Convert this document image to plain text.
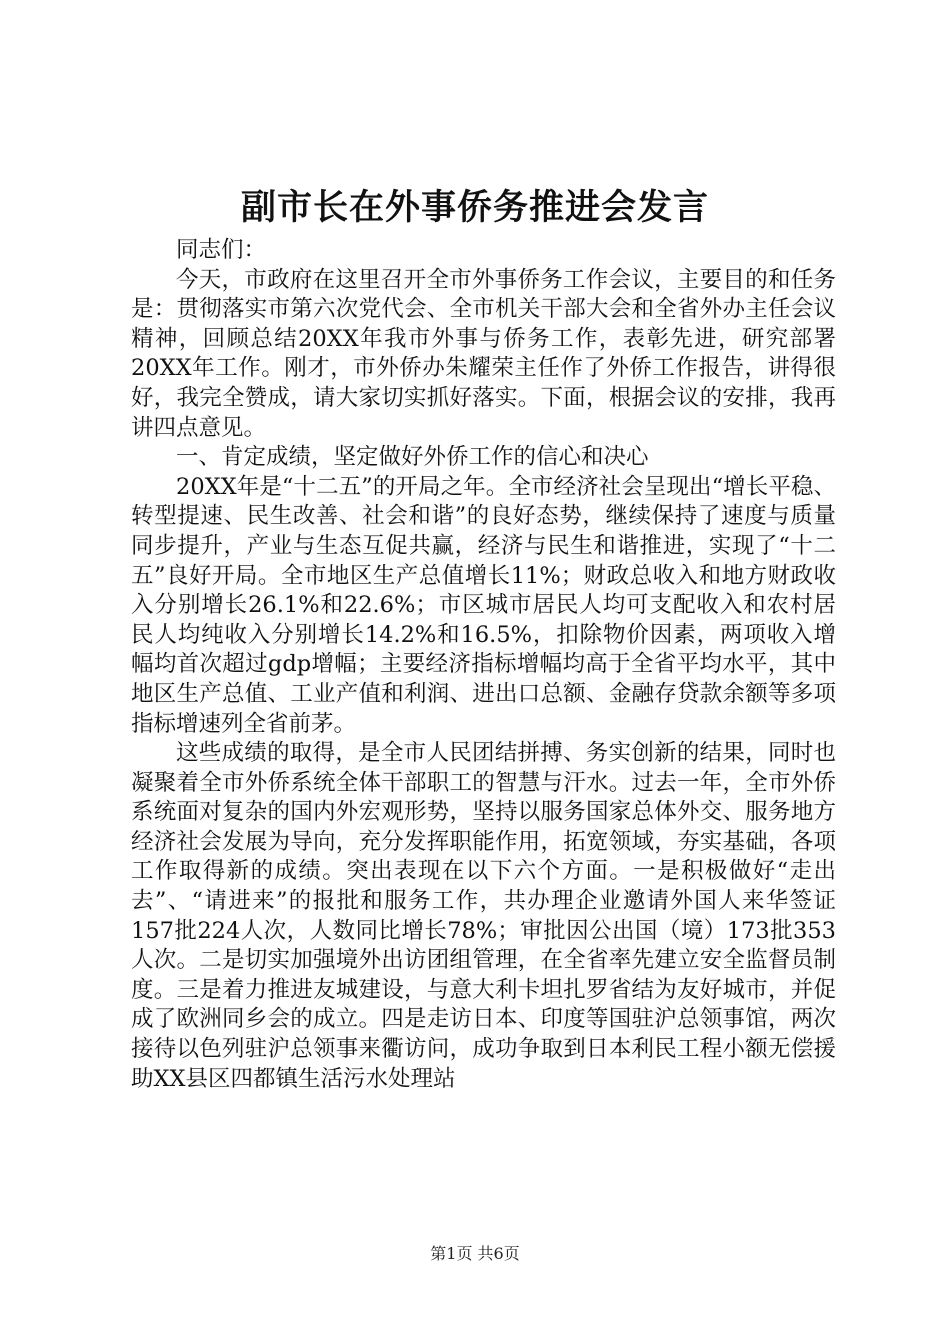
副市长在外事侨务推进会发言

同志们：

今天，市政府在这里召开全市外事侨务工作会议，主要目的和任务是：贯彻落实市第六次党代会、全市机关干部大会和全省外办主任会议精神，回顾总结20XX年我市外事与侨务工作，表彰先进，研究部署20XX年工作。刚才，市外侨办朱耀荣主任作了外侨工作报告，讲得很好，我完全赞成，请大家切实抓好落实。下面，根据会议的安排，我再讲四点意见。

一、肯定成绩，坚定做好外侨工作的信心和决心

20XX年是“十二五”的开局之年。全市经济社会呈现出“增长平稳、转型提速、民生改善、社会和谐”的良好态势，继续保持了速度与质量同步提升，产业与生态互促共赢，经济与民生和谐推进，实现了“十二五”良好开局。全市地区生产总值增长11%；财政总收入和地方财政收入分别增长26.1%和22.6%；市区城市居民人均可支配收入和农村居民人均纯收入分别增长14.2%和16.5%，扣除物价因素，两项收入增幅均首次超过gdp增幅；主要经济指标增幅均高于全省平均水平，其中地区生产总值、工业产值和利润、进出口总额、金融存贷款余额等多项指标增速列全省前茅。

这些成绩的取得，是全市人民团结拼搏、务实创新的结果，同时也凝聚着全市外侨系统全体干部职工的智慧与汗水。过去一年，全市外侨系统面对复杂的国内外宏观形势，坚持以服务国家总体外交、服务地方经济社会发展为导向，充分发挥职能作用，拓宽领域，夯实基础，各项工作取得新的成绩。突出表现在以下六个方面。一是积极做好“走出去”、“请进来”的报批和服务工作，共办理企业邀请外国人来华签证157批224人次，人数同比增长78%；审批因公出国（境）173批353人次。二是切实加强境外出访团组管理，在全省率先建立安全监督员制度。三是着力推进友城建设，与意大利卡坦扎罗省结为友好城市，并促成了欧洲同乡会的成立。四是走访日本、印度等国驻沪总领事馆，两次接待以色列驻沪总领事来衢访问，成功争取到日本利民工程小额无偿援助XX县区四都镇生活污水处理站

第1页 共6页
